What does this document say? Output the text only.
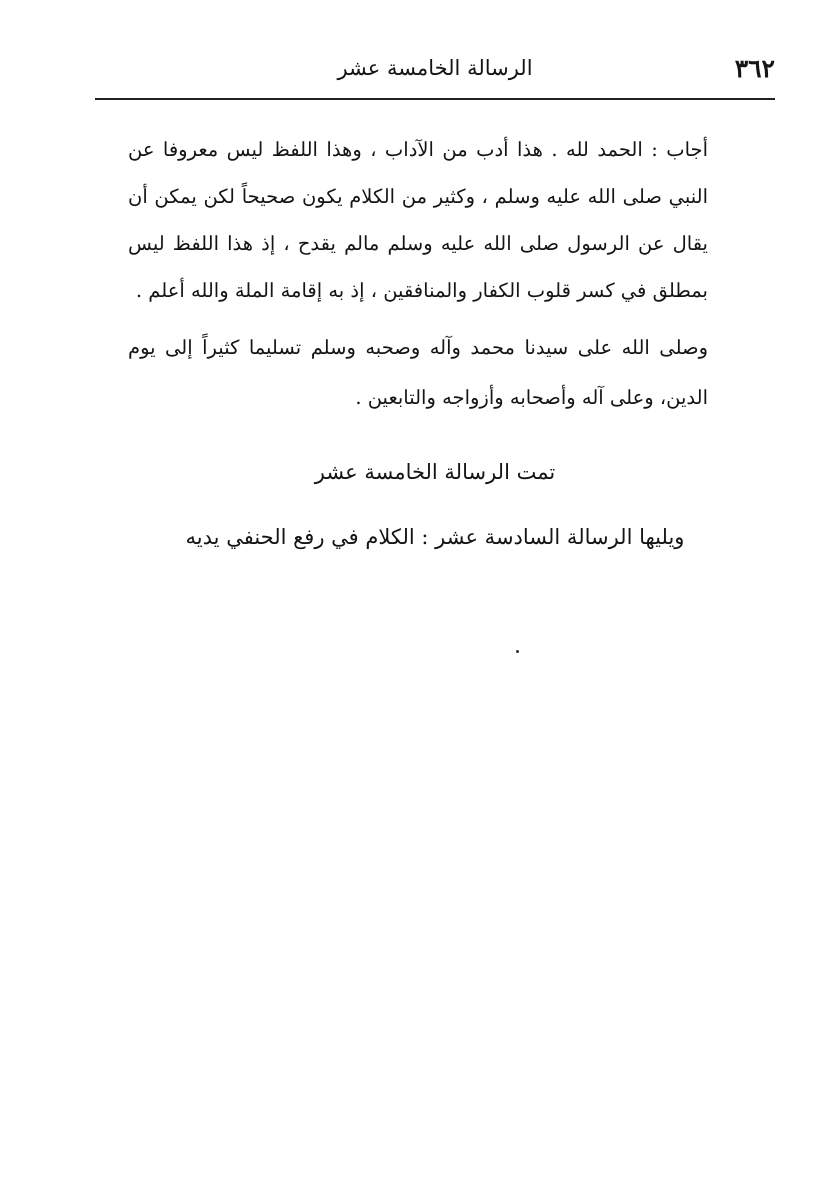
٣٦٢
الرسالة الخامسة عشر

أجاب : الحمد لله . هذا أدب من الآداب ، وهذا اللفظ ليس معروفا عن النبي صلى الله عليه وسلم ، وكثير من الكلام يكون صحيحاً لكن يمكن أن يقال عن الرسول صلى الله عليه وسلم مالم يقدح ، إذ هذا اللفظ ليس بمطلق في كسر قلوب الكفار والمنافقين ، إذ به إقامة الملة والله أعلم .

وصلى الله على سيدنا محمد وآله وصحبه وسلم تسليما كثيراً إلى يوم الدين، وعلى آله وأصحابه وأزواجه والتابعين .

تمت الرسالة الخامسة عشر
ويليها الرسالة السادسة عشر : الكلام في رفع الحنفي يديه
